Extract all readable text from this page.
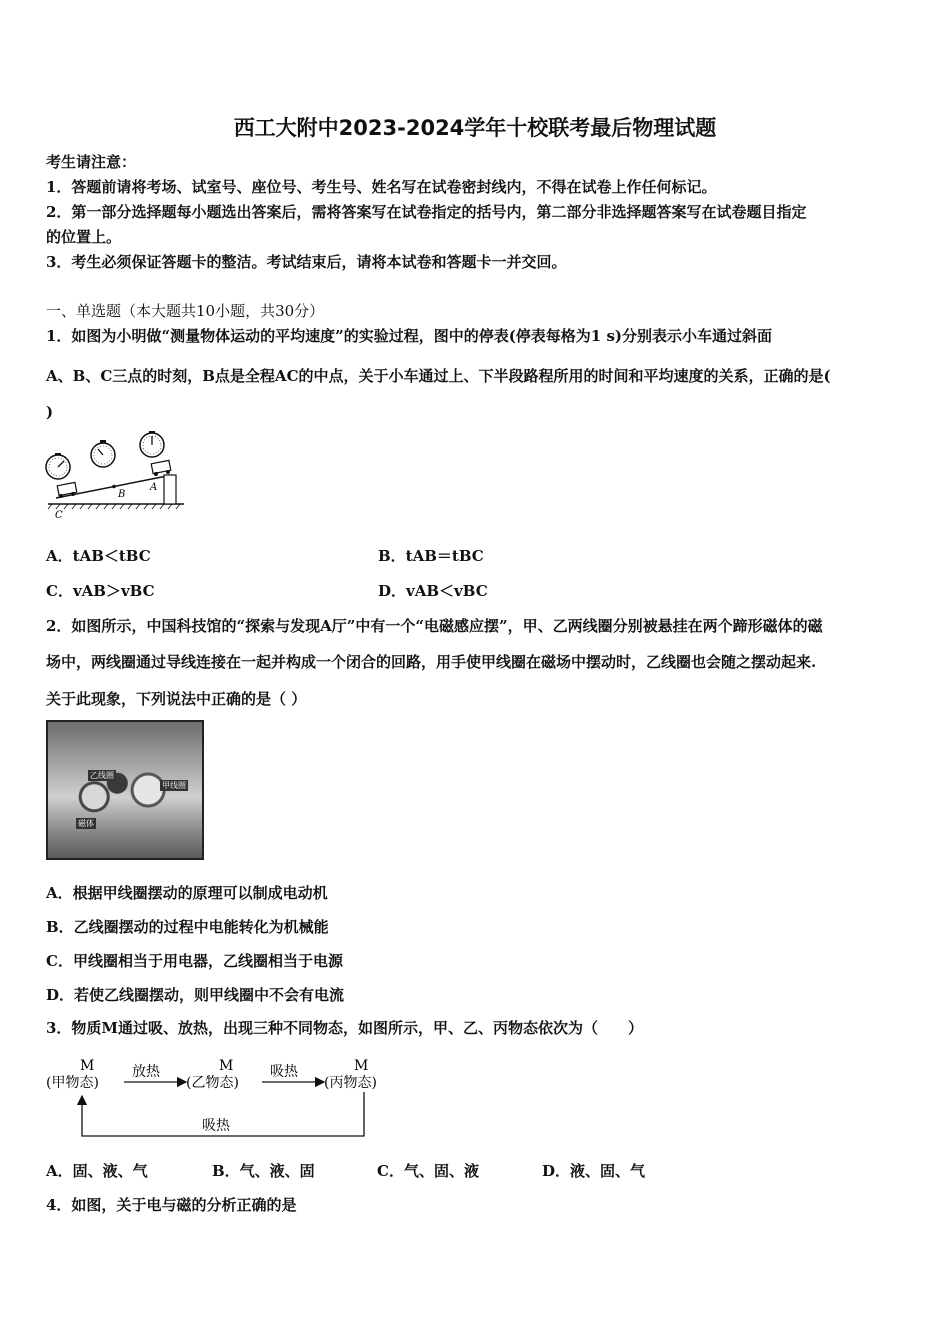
西工大附中2023-2024学年十校联考最后物理试题
考生请注意：
1．答题前请将考场、试室号、座位号、考生号、姓名写在试卷密封线内，不得在试卷上作任何标记。
2．第一部分选择题每小题选出答案后，需将答案写在试卷指定的括号内，第二部分非选择题答案写在试卷题目指定
的位置上。
3．考生必须保证答题卡的整洁。考试结束后，请将本试卷和答题卡一并交回。
一、单选题（本大题共10小题，共30分）
1．如图为小明做“测量物体运动的平均速度”的实验过程，图中的停表(停表每格为1 s)分别表示小车通过斜面
A、B、C三点的时刻，B点是全程AC的中点，关于小车通过上、下半段路程所用的时间和平均速度的关系，正确的是(
)
A
B
C
A．tAB＜tBC	B．tAB＝tBC
C．vAB＞vBC	D．vAB＜vBC
2．如图所示，中国科技馆的“探索与发现A厅”中有一个“电磁感应摆”，甲、乙两线圈分别被悬挂在两个蹄形磁体的磁
场中，两线圈通过导线连接在一起并构成一个闭合的回路，用手使甲线圈在磁场中摆动时，乙线圈也会随之摆动起来.
关于此现象，下列说法中正确的是（ ）
乙线圈
甲线圈
磁体
A．根据甲线圈摆动的原理可以制成电动机
B．乙线圈摆动的过程中电能转化为机械能
C．甲线圈相当于用电器，乙线圈相当于电源
D．若使乙线圈摆动，则甲线圈中不会有电流
3．物质M通过吸、放热，出现三种不同物态，如图所示，甲、乙、丙物态依次为（　　）
M	M	M
(甲物态)	(乙物态)	(丙物态)
放热	吸热
吸热
A．固、液、气	B．气、液、固	C．气、固、液	D．液、固、气
4．如图，关于电与磁的分析正确的是
